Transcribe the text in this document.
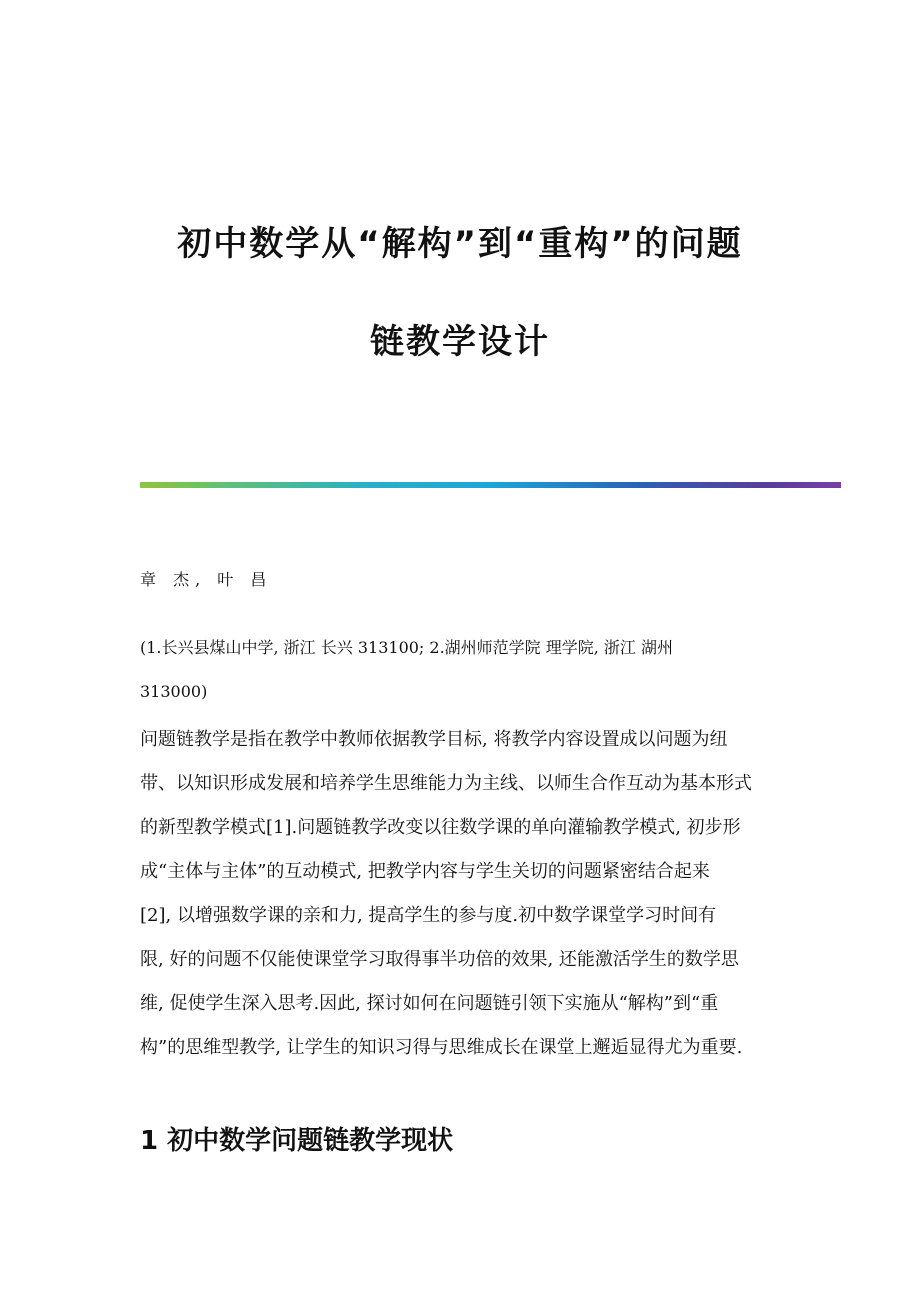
初中数学从“解构”到“重构”的问题
链教学设计
章 杰, 叶 昌
(1.长兴县煤山中学, 浙江 长兴 313100; 2.湖州师范学院 理学院, 浙江 湖州
313000)
问题链教学是指在教学中教师依据教学目标, 将教学内容设置成以问题为纽
带、以知识形成发展和培养学生思维能力为主线、以师生合作互动为基本形式
的新型教学模式[1].问题链教学改变以往数学课的单向灌输教学模式, 初步形
成“主体与主体”的互动模式, 把教学内容与学生关切的问题紧密结合起来
[2], 以增强数学课的亲和力, 提高学生的参与度.初中数学课堂学习时间有
限, 好的问题不仅能使课堂学习取得事半功倍的效果, 还能激活学生的数学思
维, 促使学生深入思考.因此, 探讨如何在问题链引领下实施从“解构”到“重
构”的思维型教学, 让学生的知识习得与思维成长在课堂上邂逅显得尤为重要.
1 初中数学问题链教学现状
